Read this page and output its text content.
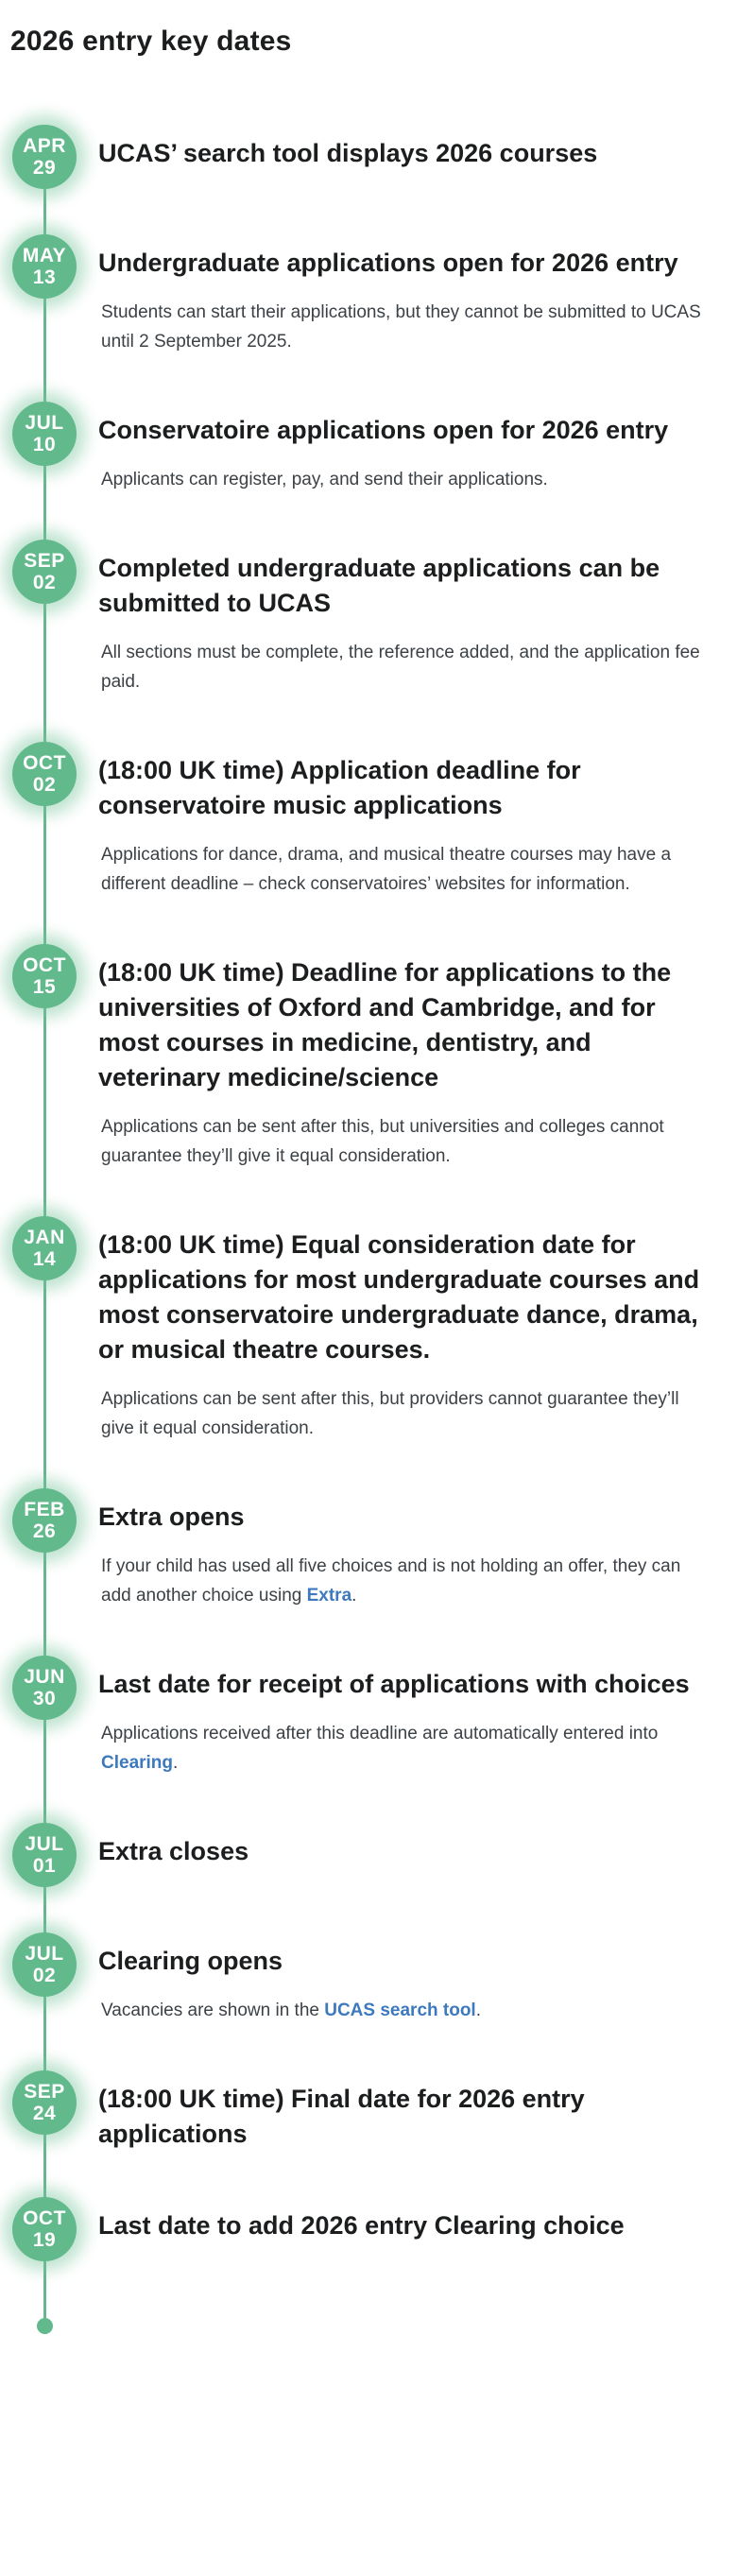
2026 entry key dates
APR
29
UCAS’ search tool displays 2026 courses
MAY
13
Undergraduate applications open for 2026 entry

Students can start their applications, but they cannot be submitted to UCAS until 2 September 2025.

JUL
10
Conservatoire applications open for 2026 entry

Applicants can register, pay, and send their applications.

SEP
02
Completed undergraduate applications can be submitted to UCAS

All sections must be complete, the reference added, and the application fee paid.

OCT
02
(18:00 UK time) Application deadline for conservatoire music applications

Applications for dance, drama, and musical theatre courses may have a different deadline – check conservatoires’ websites for information.

OCT
15
(18:00 UK time) Deadline for applications to the universities of Oxford and Cambridge, and for most courses in medicine, dentistry, and veterinary medicine/science

Applications can be sent after this, but universities and colleges cannot guarantee they’ll give it equal consideration.

JAN
14
(18:00 UK time) Equal consideration date for applications for most undergraduate courses and most conservatoire undergraduate dance, drama, or musical theatre courses.

Applications can be sent after this, but providers cannot guarantee they’ll give it equal consideration.

FEB
26
Extra opens

If your child has used all five choices and is not holding an offer, they can add another choice using Extra.

JUN
30
Last date for receipt of applications with choices

Applications received after this deadline are automatically entered into Clearing.

JUL
01
Extra closes
JUL
02
Clearing opens

Vacancies are shown in the UCAS search tool.

SEP
24
(18:00 UK time) Final date for 2026 entry applications
OCT
19
Last date to add 2026 entry Clearing choice
